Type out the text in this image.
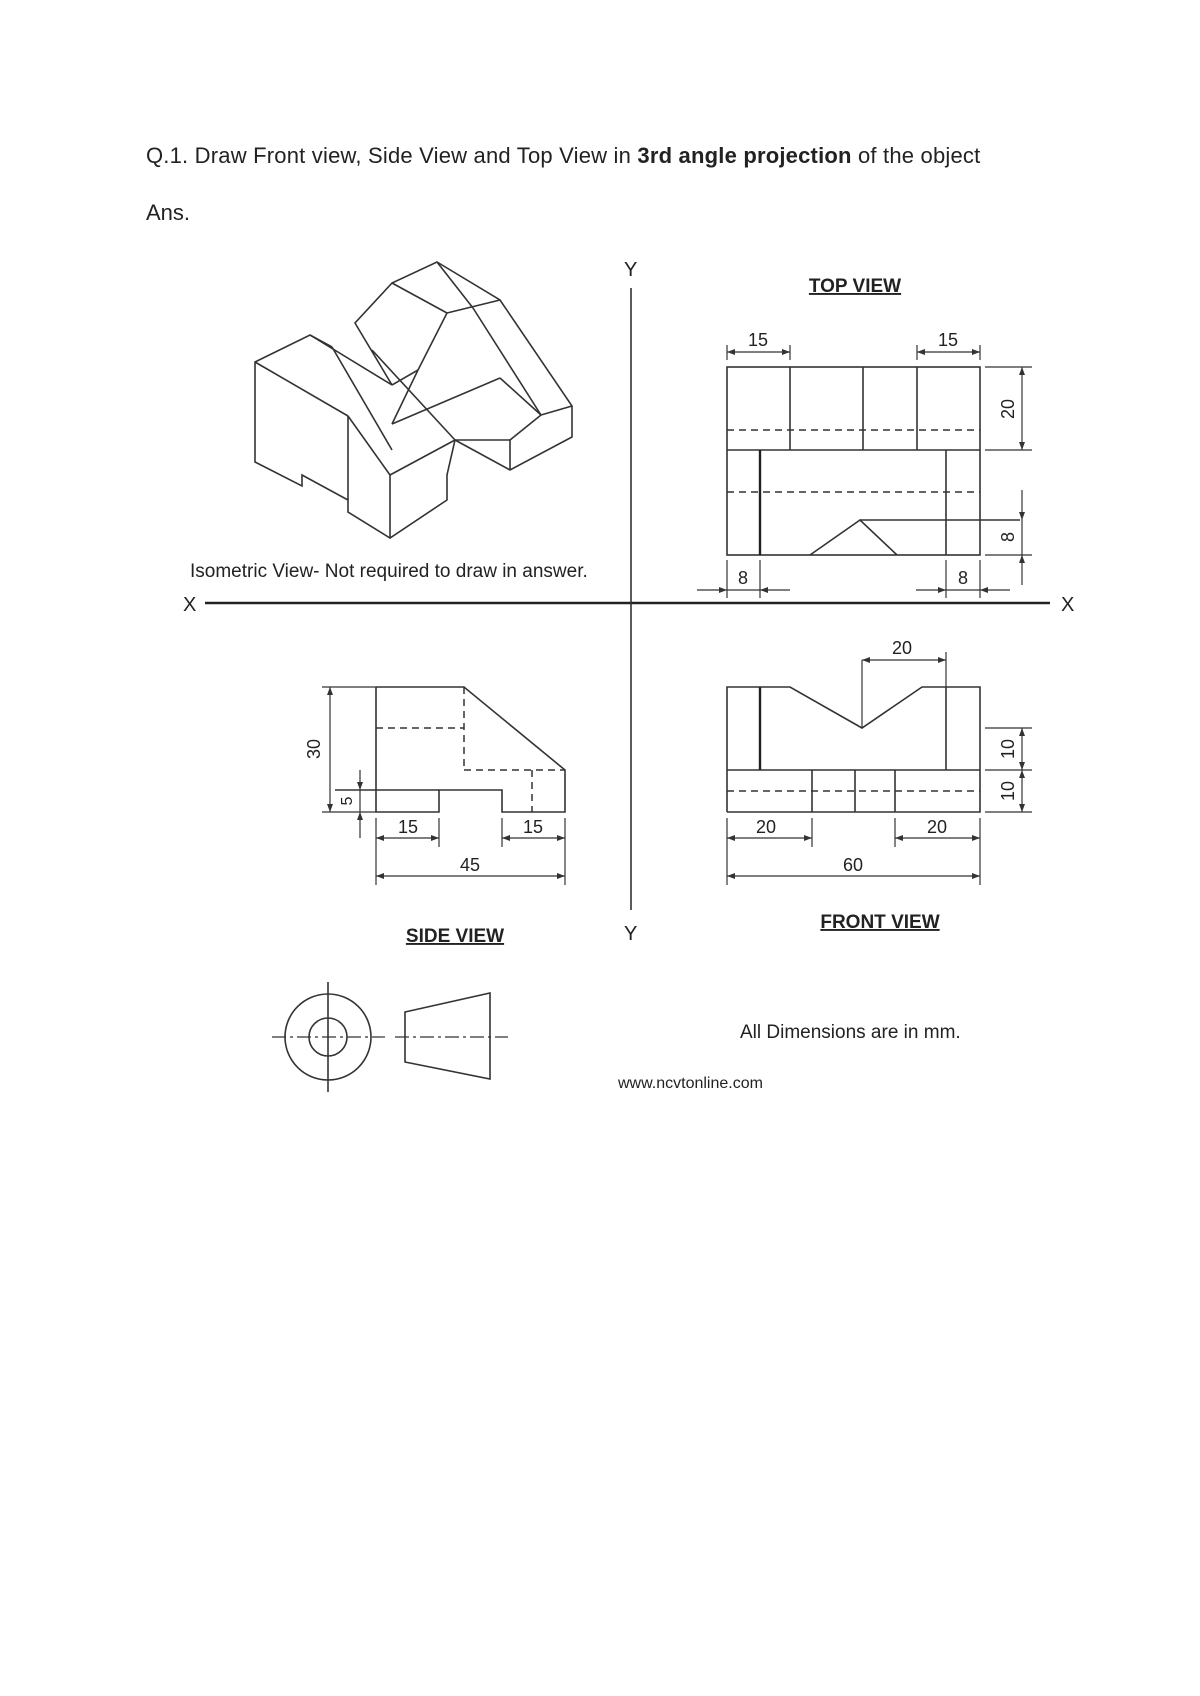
Q.1. Draw Front view, Side View and Top View in 3rd angle projection of the object
Ans.
X	X
Y
Y
Isometric View- Not required to draw in answer.
TOP VIEW
15	15
20
8
8	8
20
10
10
20	20
60
FRONT VIEW
30
5
15	15
45
SIDE VIEW
All Dimensions are in mm.
www.ncvtonline.com
